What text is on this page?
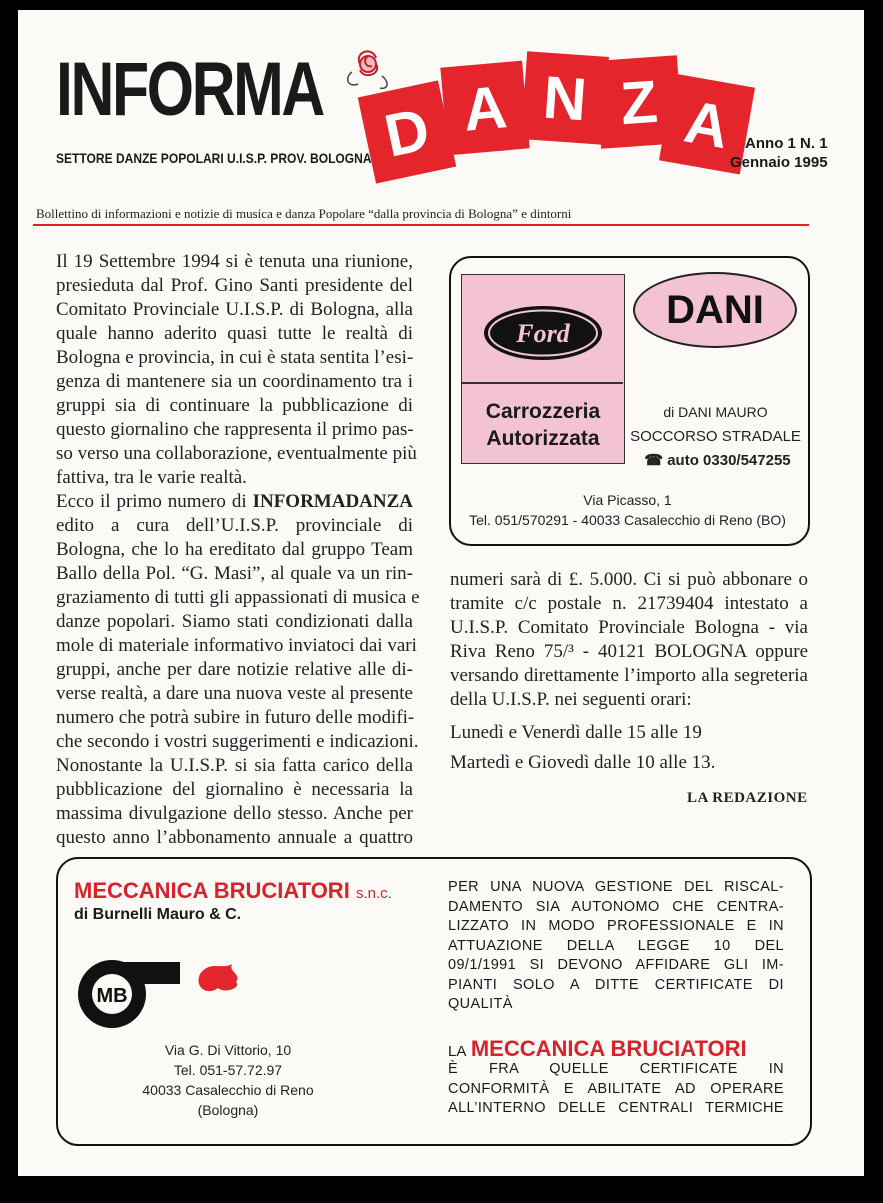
INFORMA D A N Z A
SETTORE DANZE POPOLARI U.I.S.P. PROV. BOLOGNA
Anno 1 N. 1
Gennaio 1995
Bollettino di informazioni e notizie di musica e danza Popolare “dalla provincia di Bologna” e dintorni
Il 19 Settembre 1994 si è tenuta una riunione,
presieduta dal Prof. Gino Santi presidente del
Comitato Provinciale U.I.S.P. di Bologna, alla
quale hanno aderito quasi tutte le realtà di
Bologna e provincia, in cui è stata sentita l’esi-
genza di mantenere sia un coordinamento tra i
gruppi sia di continuare la pubblicazione di
questo giornalino che rappresenta il primo pas-
so verso una collaborazione, eventualmente più
fattiva, tra le varie realtà.
Ecco il primo numero di INFORMADANZA
edito a cura dell’U.I.S.P. provinciale di
Bologna, che lo ha ereditato dal gruppo Team
Ballo della Pol. “G. Masi”, al quale va un rin-
graziamento di tutti gli appassionati di musica e
danze popolari. Siamo stati condizionati dalla
mole di materiale informativo inviatoci dai vari
gruppi, anche per dare notizie relative alle di-
verse realtà, a dare una nuova veste al presente
numero che potrà subire in futuro delle modifi-
che secondo i vostri suggerimenti e indicazioni.
Nonostante la U.I.S.P. si sia fatta carico della
pubblicazione del giornalino è necessaria la
massima divulgazione dello stesso. Anche per
questo anno l’abbonamento annuale a quattro
Ford
Carrozzeria
Autorizzata
DANI
di DANI MAURO
SOCCORSO STRADALE
☎ auto 0330/547255
Via Picasso, 1
Tel. 051/570291 - 40033 Casalecchio di Reno (BO)
numeri sarà di £. 5.000. Ci si può abbonare o
tramite c/c postale n. 21739404 intestato a
U.I.S.P. Comitato Provinciale Bologna - via
Riva Reno 75/³ - 40121 BOLOGNA oppure
versando direttamente l’importo alla segreteria
della U.I.S.P. nei seguenti orari:
Lunedì e Venerdì dalle 15 alle 19
Martedì e Giovedì dalle 10 alle 13.
LA REDAZIONE
MECCANICA BRUCIATORI s.n.c.
di Burnelli Mauro & C.
MB
Via G. Di Vittorio, 10
Tel. 051-57.72.97
40033 Casalecchio di Reno
(Bologna)
PER UNA NUOVA GESTIONE DEL RISCAL-
DAMENTO SIA AUTONOMO CHE CENTRA-
LIZZATO IN MODO PROFESSIONALE E IN
ATTUAZIONE DELLA LEGGE 10 DEL
09/1/1991 SI DEVONO AFFIDARE GLI IM-
PIANTI SOLO A DITTE CERTIFICATE DI
QUALITÀ
LA MECCANICA BRUCIATORI
È FRA QUELLE CERTIFICATE IN
CONFORMITÀ E ABILITATE AD OPERARE
ALL’INTERNO DELLE CENTRALI TERMICHE
